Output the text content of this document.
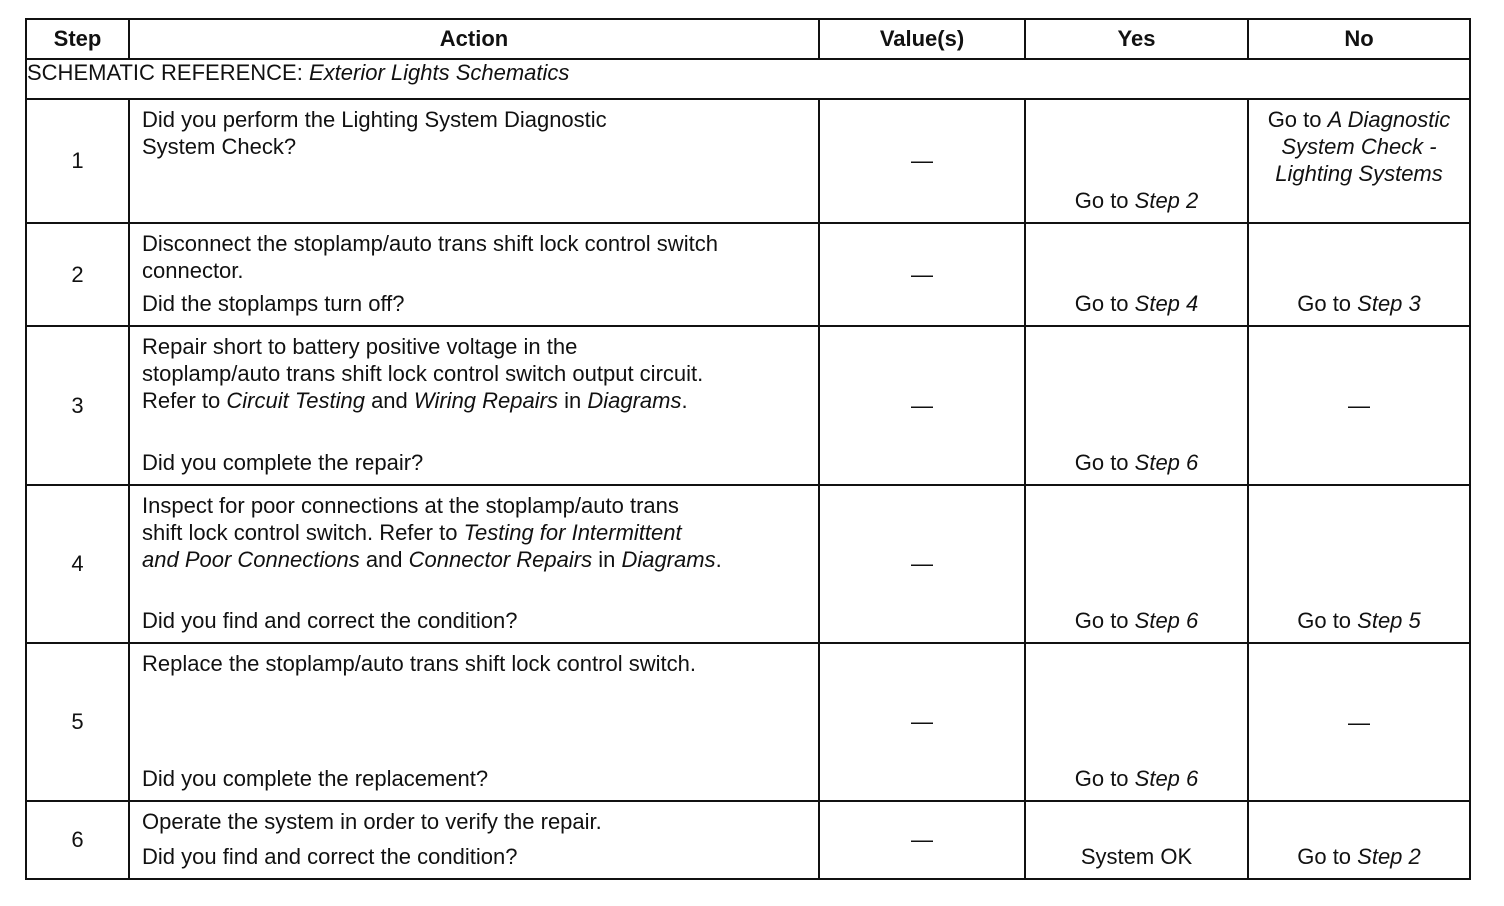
Step	Action	Value(s)	Yes	No
SCHEMATIC REFERENCE: Exterior Lights Schematics				
1	Did you perform the Lighting System Diagnostic
System Check?	—	Go to Step 2	Go to A Diagnostic System Check - Lighting Systems
2	Disconnect the stoplamp/auto trans shift lock control switch
connector.
Did the stoplamps turn off?	—	Go to Step 4	Go to Step 3
3	Repair short to battery positive voltage in the
stoplamp/auto trans shift lock control switch output circuit.
Refer to Circuit Testing and Wiring Repairs in Diagrams.
Did you complete the repair?	—	Go to Step 6	—
4	Inspect for poor connections at the stoplamp/auto trans
shift lock control switch. Refer to Testing for Intermittent
and Poor Connections and Connector Repairs in Diagrams.
Did you find and correct the condition?	—	Go to Step 6	Go to Step 5
5	Replace the stoplamp/auto trans shift lock control switch.
Did you complete the replacement?	—	Go to Step 6	—
6	Operate the system in order to verify the repair.
Did you find and correct the condition?	—	System OK	Go to Step 2
